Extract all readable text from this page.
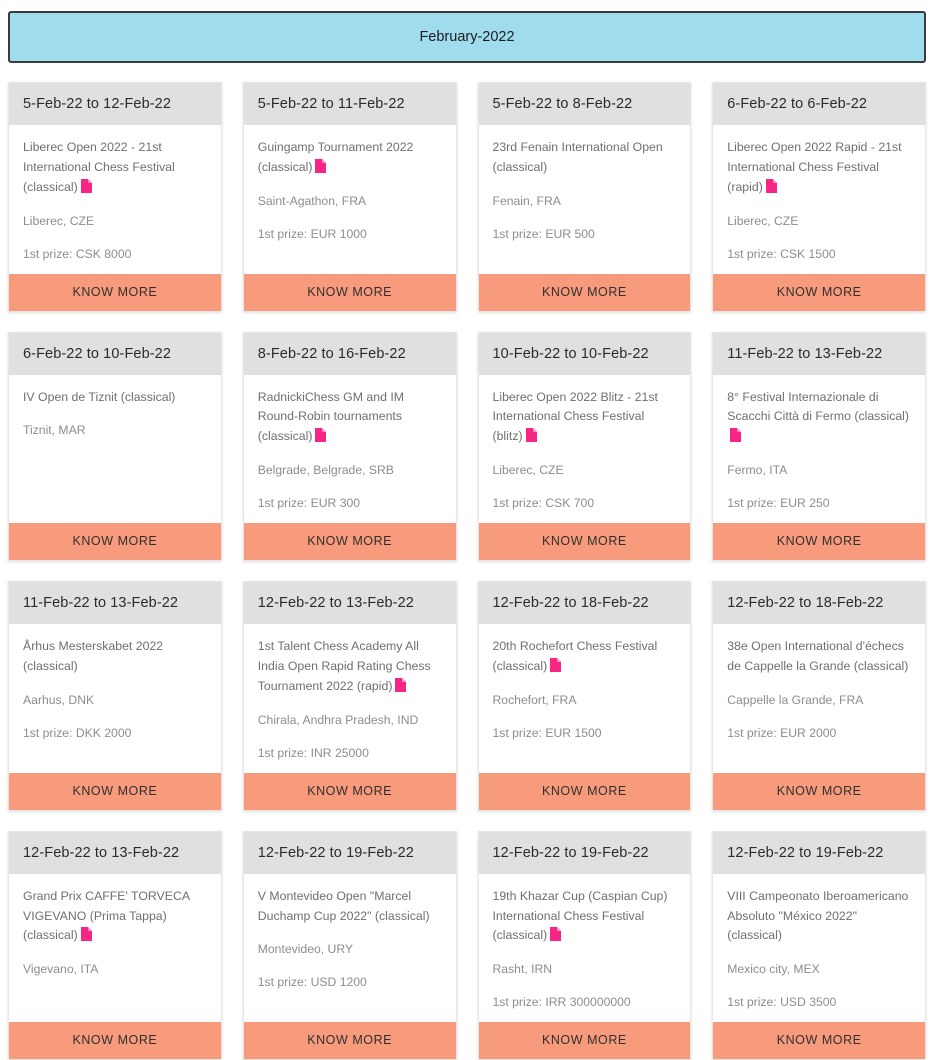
February-2022
5-Feb-22 to 12-Feb-22
Liberec Open 2022 - 21st International Chess Festival (classical)
Liberec, CZE
1st prize: CSK 8000
KNOW MORE
5-Feb-22 to 11-Feb-22
Guingamp Tournament 2022 (classical)
Saint-Agathon, FRA
1st prize: EUR 1000
KNOW MORE
5-Feb-22 to 8-Feb-22
23rd Fenain International Open (classical)
Fenain, FRA
1st prize: EUR 500
KNOW MORE
6-Feb-22 to 6-Feb-22
Liberec Open 2022 Rapid - 21st International Chess Festival (rapid)
Liberec, CZE
1st prize: CSK 1500
KNOW MORE
6-Feb-22 to 10-Feb-22
IV Open de Tiznit (classical)
Tiznit, MAR
KNOW MORE
8-Feb-22 to 16-Feb-22
RadnickiChess GM and IM Round-Robin tournaments (classical)
Belgrade, Belgrade, SRB
1st prize: EUR 300
KNOW MORE
10-Feb-22 to 10-Feb-22
Liberec Open 2022 Blitz - 21st International Chess Festival (blitz)
Liberec, CZE
1st prize: CSK 700
KNOW MORE
11-Feb-22 to 13-Feb-22
8° Festival Internazionale di Scacchi Città di Fermo (classical)
Fermo, ITA
1st prize: EUR 250
KNOW MORE
11-Feb-22 to 13-Feb-22
Århus Mesterskabet 2022 (classical)
Aarhus, DNK
1st prize: DKK 2000
KNOW MORE
12-Feb-22 to 13-Feb-22
1st Talent Chess Academy All India Open Rapid Rating Chess Tournament 2022 (rapid)
Chirala, Andhra Pradesh, IND
1st prize: INR 25000
KNOW MORE
12-Feb-22 to 18-Feb-22
20th Rochefort Chess Festival (classical)
Rochefort, FRA
1st prize: EUR 1500
KNOW MORE
12-Feb-22 to 18-Feb-22
38e Open International d'échecs de Cappelle la Grande (classical)
Cappelle la Grande, FRA
1st prize: EUR 2000
KNOW MORE
12-Feb-22 to 13-Feb-22
Grand Prix CAFFE' TORVECA VIGEVANO (Prima Tappa) (classical)
Vigevano, ITA
KNOW MORE
12-Feb-22 to 19-Feb-22
V Montevideo Open "Marcel Duchamp Cup 2022" (classical)
Montevideo, URY
1st prize: USD 1200
KNOW MORE
12-Feb-22 to 19-Feb-22
19th Khazar Cup (Caspian Cup) International Chess Festival (classical)
Rasht, IRN
1st prize: IRR 300000000
KNOW MORE
12-Feb-22 to 19-Feb-22
VIII Campeonato Iberoamericano Absoluto "México 2022" (classical)
Mexico city, MEX
1st prize: USD 3500
KNOW MORE
